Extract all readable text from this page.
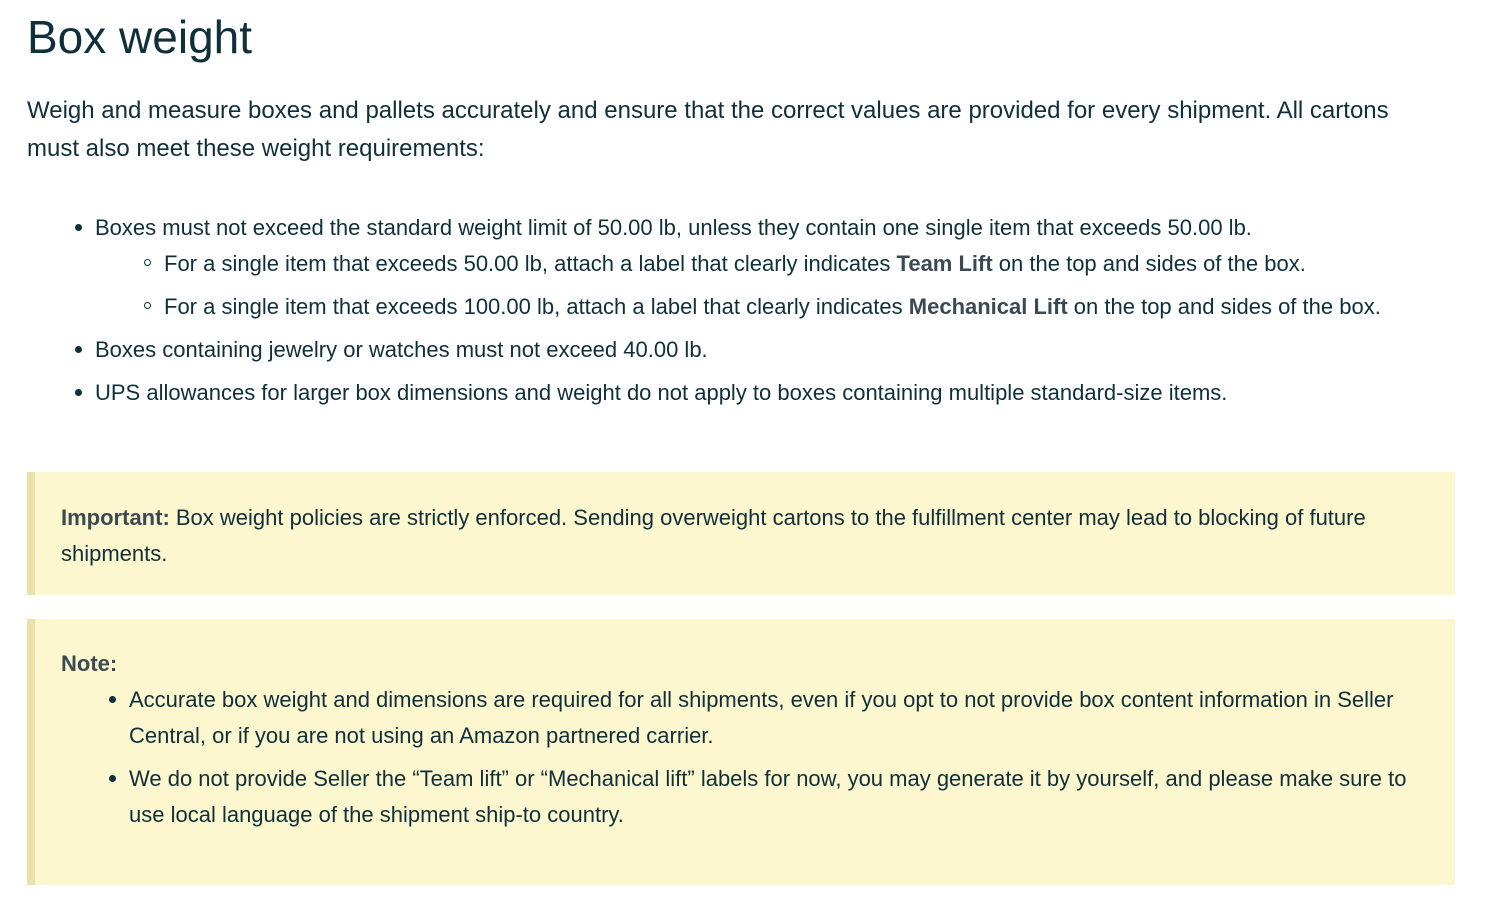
Box weight

Weigh and measure boxes and pallets accurately and ensure that the correct values are provided for every shipment. All cartons must also meet these weight requirements:

Boxes must not exceed the standard weight limit of 50.00 lb, unless they contain one single item that exceeds 50.00 lb.
For a single item that exceeds 50.00 lb, attach a label that clearly indicates Team Lift on the top and sides of the box.
For a single item that exceeds 100.00 lb, attach a label that clearly indicates Mechanical Lift on the top and sides of the box.
Boxes containing jewelry or watches must not exceed 40.00 lb.
UPS allowances for larger box dimensions and weight do not apply to boxes containing multiple standard-size items.
Important: Box weight policies are strictly enforced. Sending overweight cartons to the fulfillment center may lead to blocking of future shipments.
Note:
Accurate box weight and dimensions are required for all shipments, even if you opt to not provide box content information in Seller Central, or if you are not using an Amazon partnered carrier.
We do not provide Seller the “Team lift” or “Mechanical lift” labels for now, you may generate it by yourself, and please make sure to use local language of the shipment ship-to country.
